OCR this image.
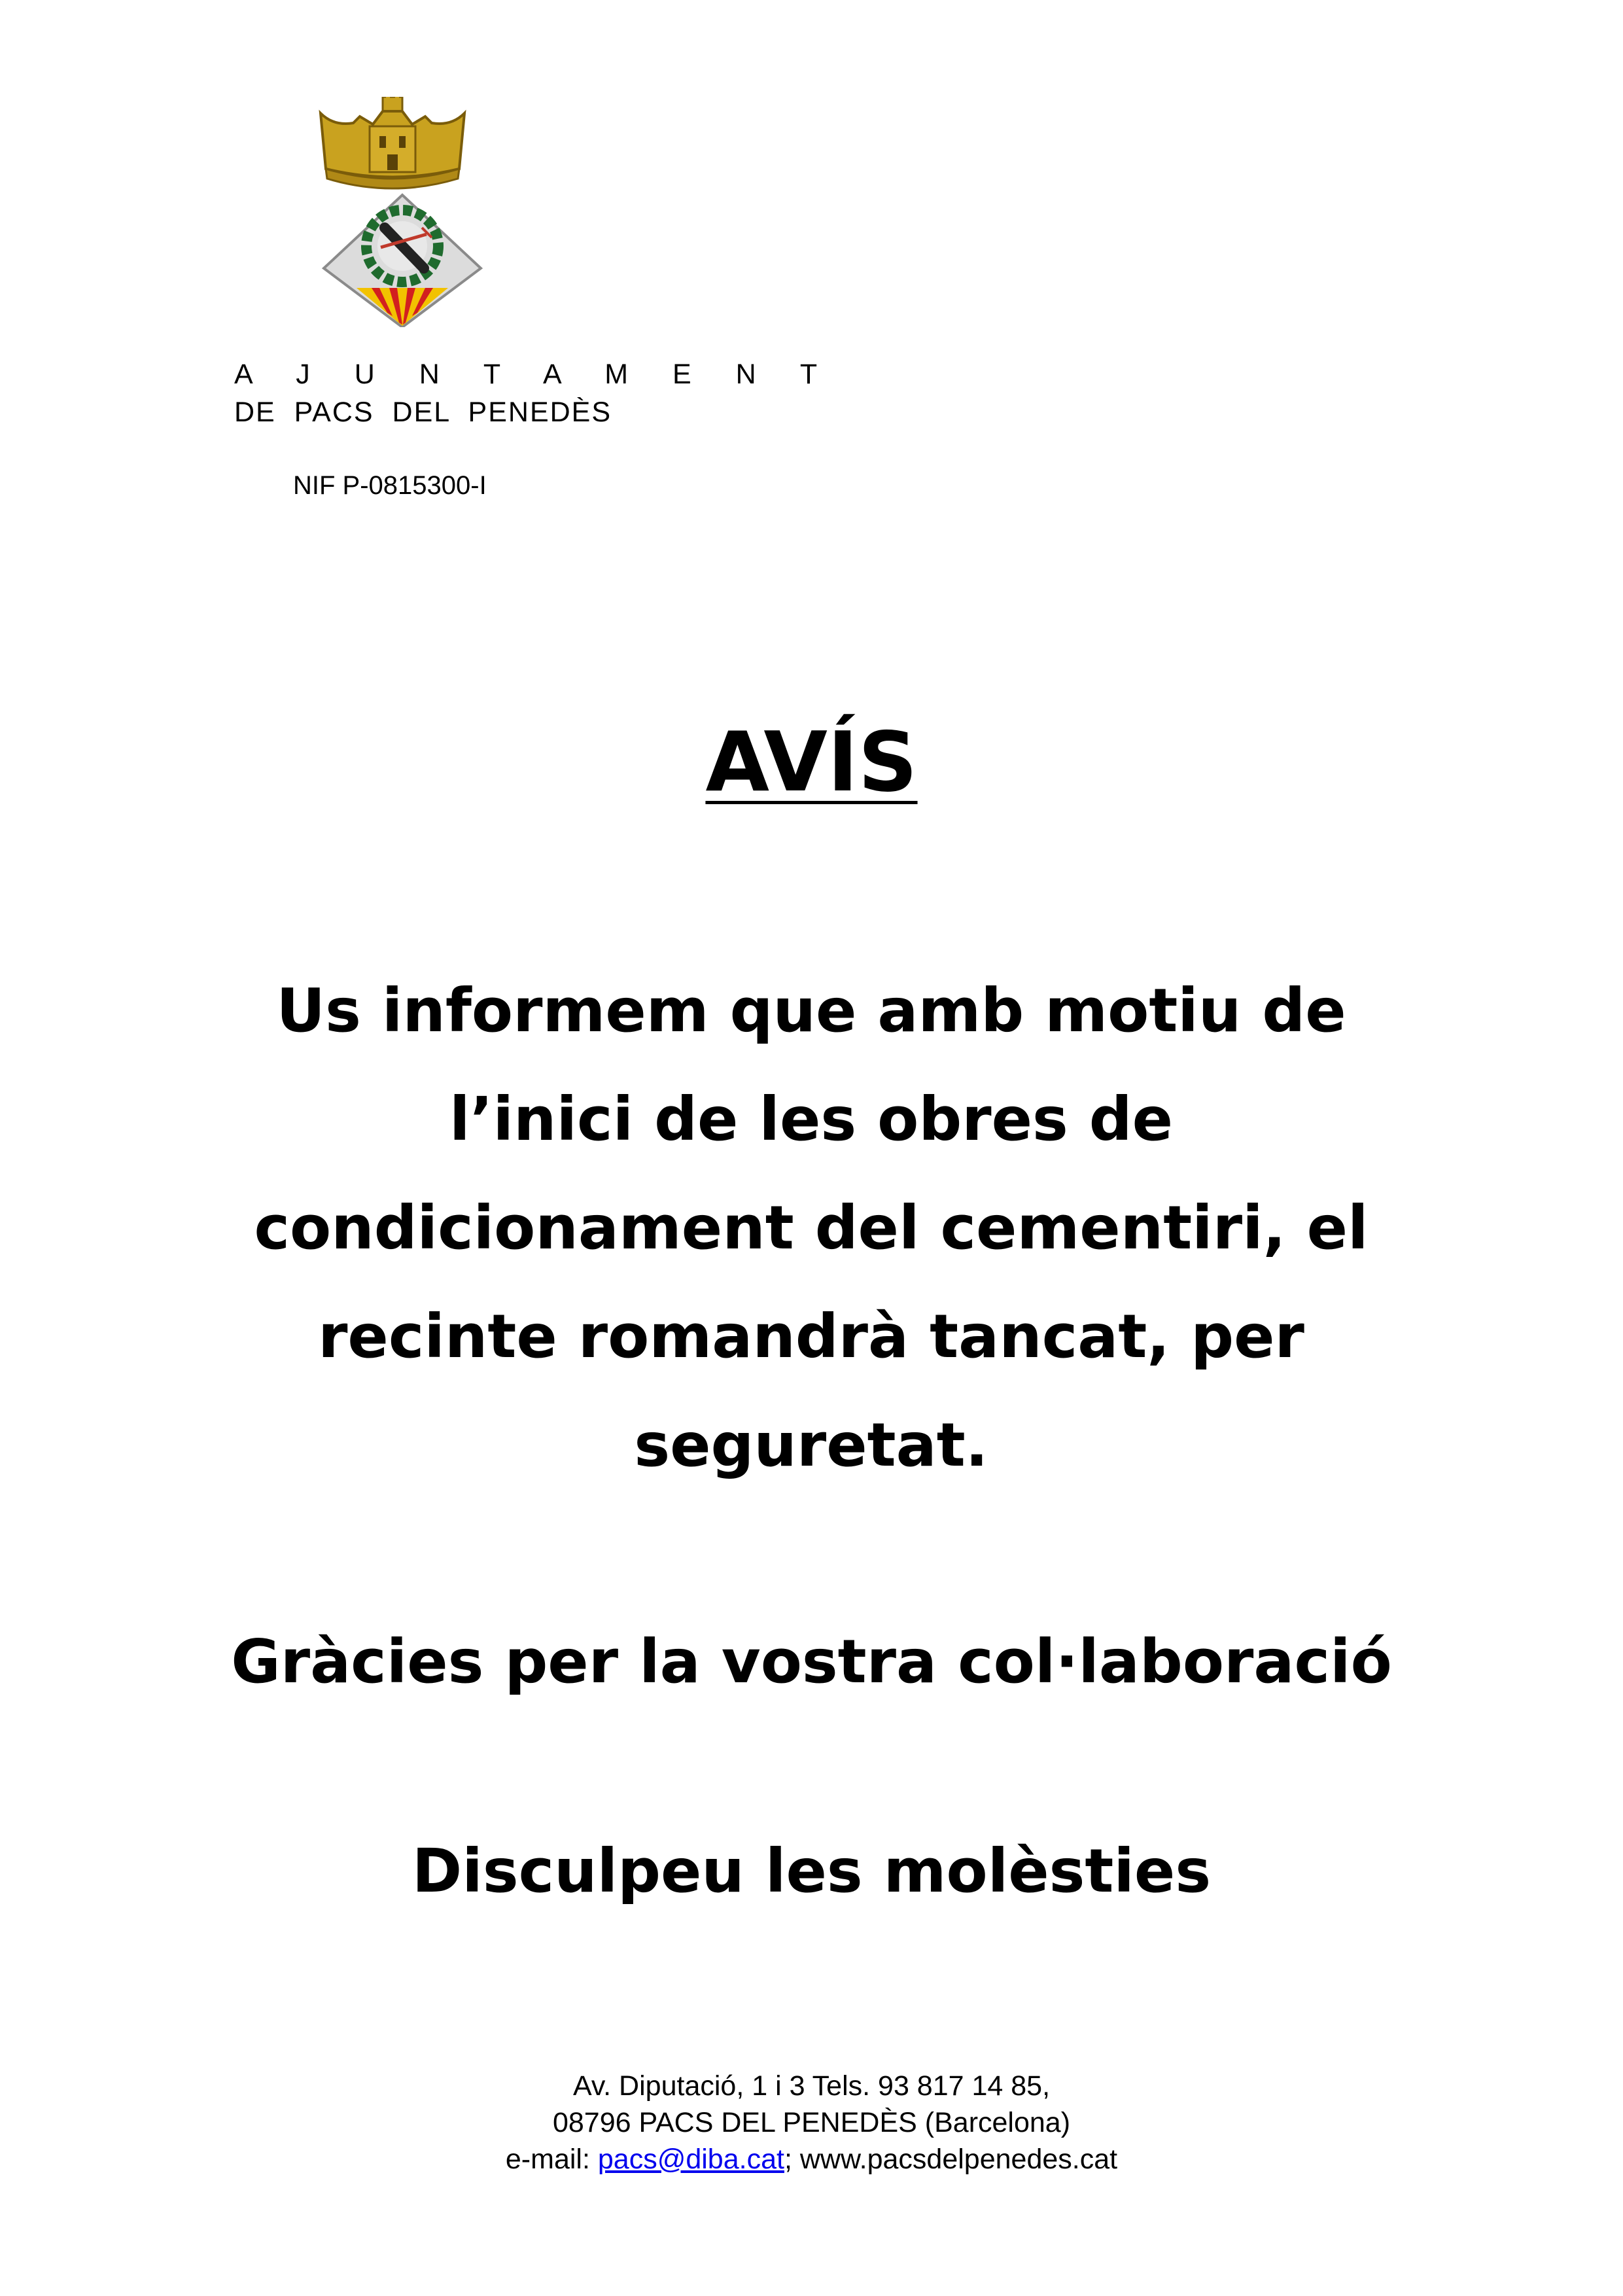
A J U N T A M E N T
DE PACS DEL PENEDÈS
NIF P-0815300-I
AVÍS
Us informem que amb motiu de l’inici de les obres de condicionament del cementiri, el recinte romandrà tancat, per seguretat.
Gràcies per la vostra col·laboració
Disculpeu les molèsties
Av. Diputació, 1 i 3 Tels. 93 817 14 85,
08796 PACS DEL PENEDÈS (Barcelona)
e-mail: pacs@diba.cat; www.pacsdelpenedes.cat
